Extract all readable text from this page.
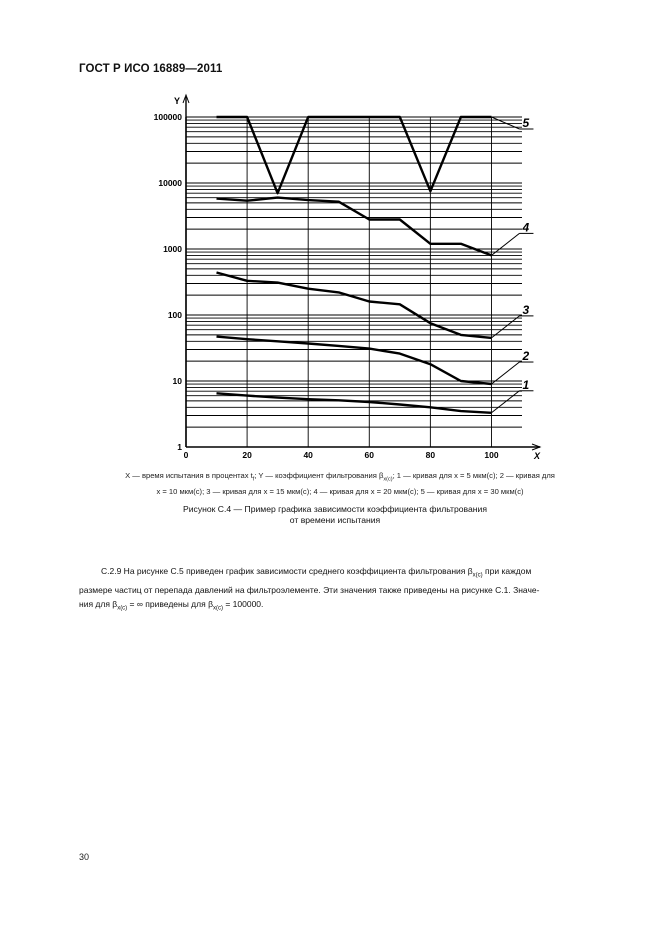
ГОСТ Р ИСО 16889—2011
Y
X
1
10
100
1000
10000
100000
0	20	40	60	80	100
1
2
3
4
5
X — время испытания в процентах $t_f$; Y — коэффициент фильтрования $\beta_{x(c)}$; 1 — кривая для x = 5 мкм(с); 2 — кривая для
x = 10 мкм(с); 3 — кривая для x = 15 мкм(с); 4 — кривая для x = 20 мкм(с); 5 — кривая для x = 30 мкм(с)
Рисунок С.4 — Пример графика зависимости коэффициента фильтрования
от времени испытания
С.2.9 На рисунке С.5 приведен график зависимости среднего коэффициента фильтрования $\beta_{x(c)}$ при каждом
размере частиц от перепада давлений на фильтроэлементе. Эти значения также приведены на рисунке С.1. Значе-
ния для $\beta_{x(c)}$ = ∞ приведены для $\beta_{x(c)} = 100000$.
30
